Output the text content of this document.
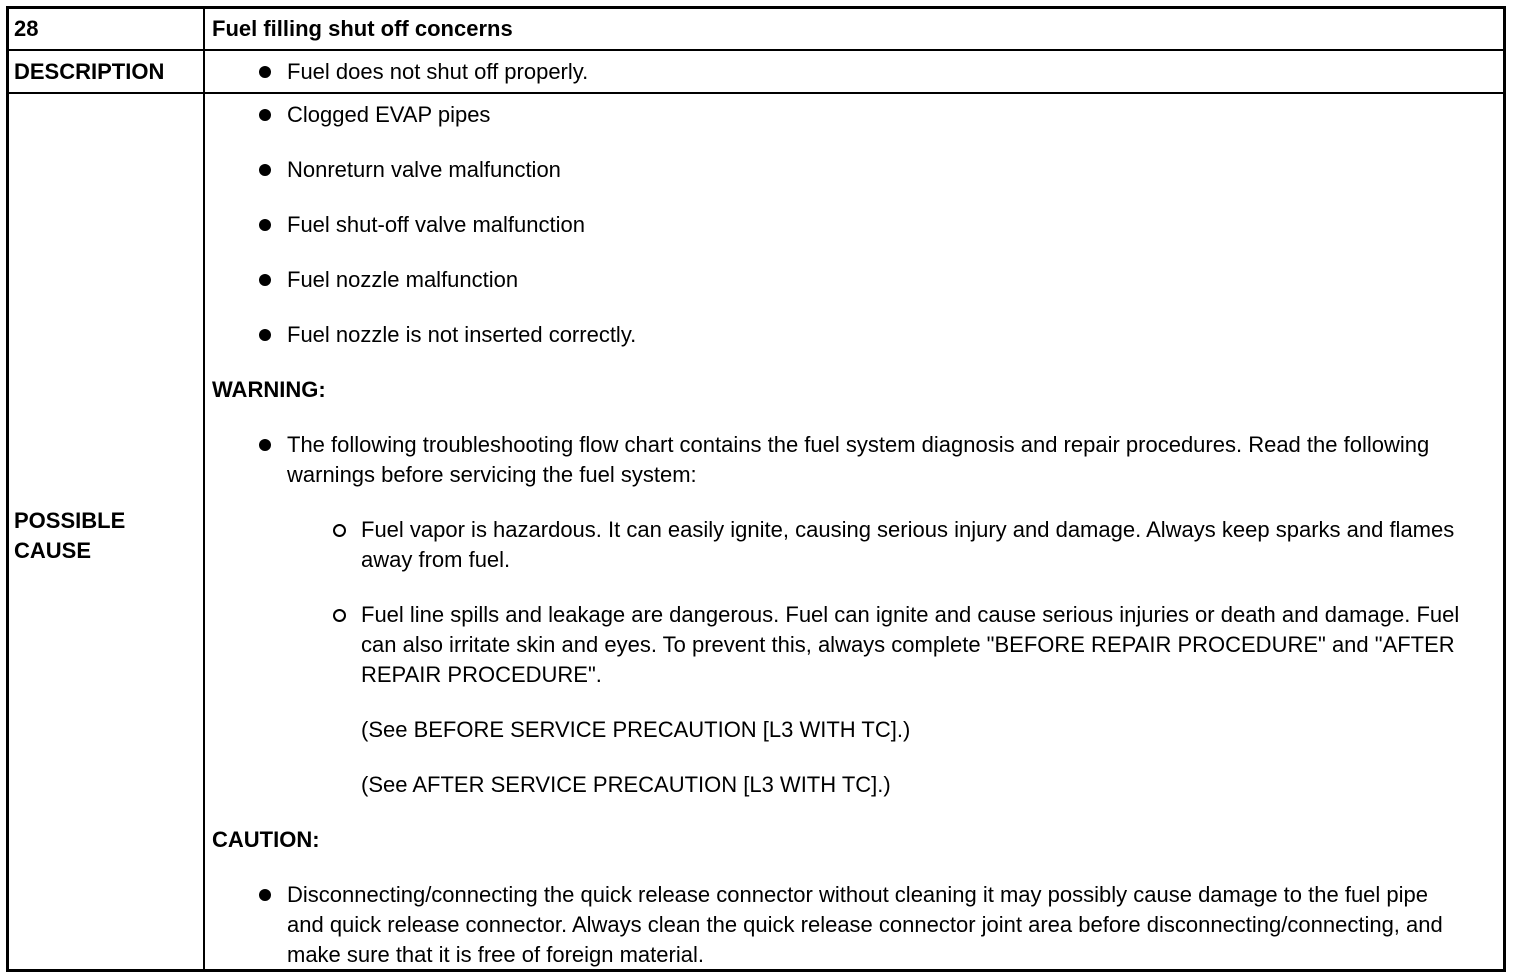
28	Fuel filling shut off concerns
DESCRIPTION	Fuel does not shut off properly.
POSSIBLE
CAUSE
Clogged EVAP pipes
Nonreturn valve malfunction
Fuel shut-off valve malfunction
Fuel nozzle malfunction
Fuel nozzle is not inserted correctly.
WARNING:
The following troubleshooting flow chart contains the fuel system diagnosis and repair procedures. Read the following warnings before servicing the fuel system:
Fuel vapor is hazardous. It can easily ignite, causing serious injury and damage. Always keep sparks and flames away from fuel.
Fuel line spills and leakage are dangerous. Fuel can ignite and cause serious injuries or death and damage. Fuel can also irritate skin and eyes. To prevent this, always complete "BEFORE REPAIR PROCEDURE" and "AFTER REPAIR PROCEDURE".
(See BEFORE SERVICE PRECAUTION [L3 WITH TC].)
(See AFTER SERVICE PRECAUTION [L3 WITH TC].)
CAUTION:
Disconnecting/connecting the quick release connector without cleaning it may possibly cause damage to the fuel pipe and quick release connector. Always clean the quick release connector joint area before disconnecting/connecting, and make sure that it is free of foreign material.
